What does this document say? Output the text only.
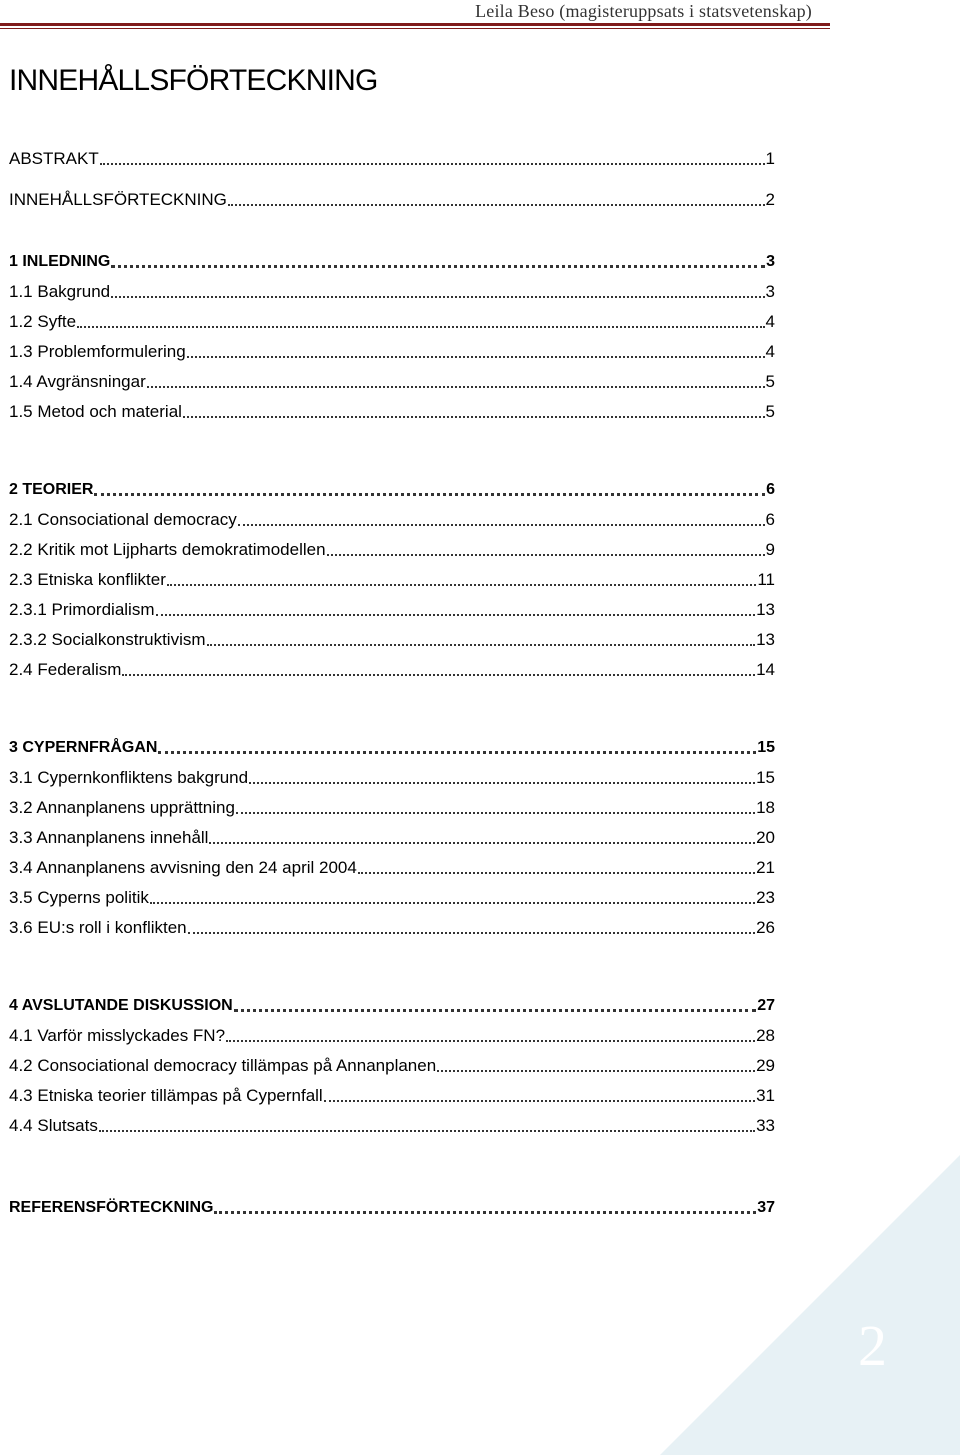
Leila Beso (magisteruppsats i statsvetenskap)
INNEHÅLLSFÖRTECKNING
ABSTRAKT	1
INNEHÅLLSFÖRTECKNING	2
1 INLEDNING	3
1.1 Bakgrund	3
1.2 Syfte	4
1.3 Problemformulering	4
1.4 Avgränsningar	5
1.5 Metod och material	5
2 TEORIER	6
2.1 Consociational democracy	6
2.2 Kritik mot Lijpharts demokratimodellen	9
2.3 Etniska konflikter	11
2.3.1 Primordialism	13
2.3.2 Socialkonstruktivism	13
2.4 Federalism	14
3 CYPERNFRÅGAN	15
3.1 Cypernkonfliktens bakgrund	15
3.2 Annanplanens upprättning	18
3.3 Annanplanens innehåll	20
3.4 Annanplanens avvisning den 24 april 2004	21
3.5 Cyperns politik	23
3.6 EU:s roll i konflikten	26
4 AVSLUTANDE DISKUSSION	27
4.1 Varför misslyckades FN?	28
4.2 Consociational democracy tillämpas på Annanplanen	29
4.3 Etniska teorier tillämpas på Cypernfall	31
4.4 Slutsats	33
REFERENSFÖRTECKNING	37
2
